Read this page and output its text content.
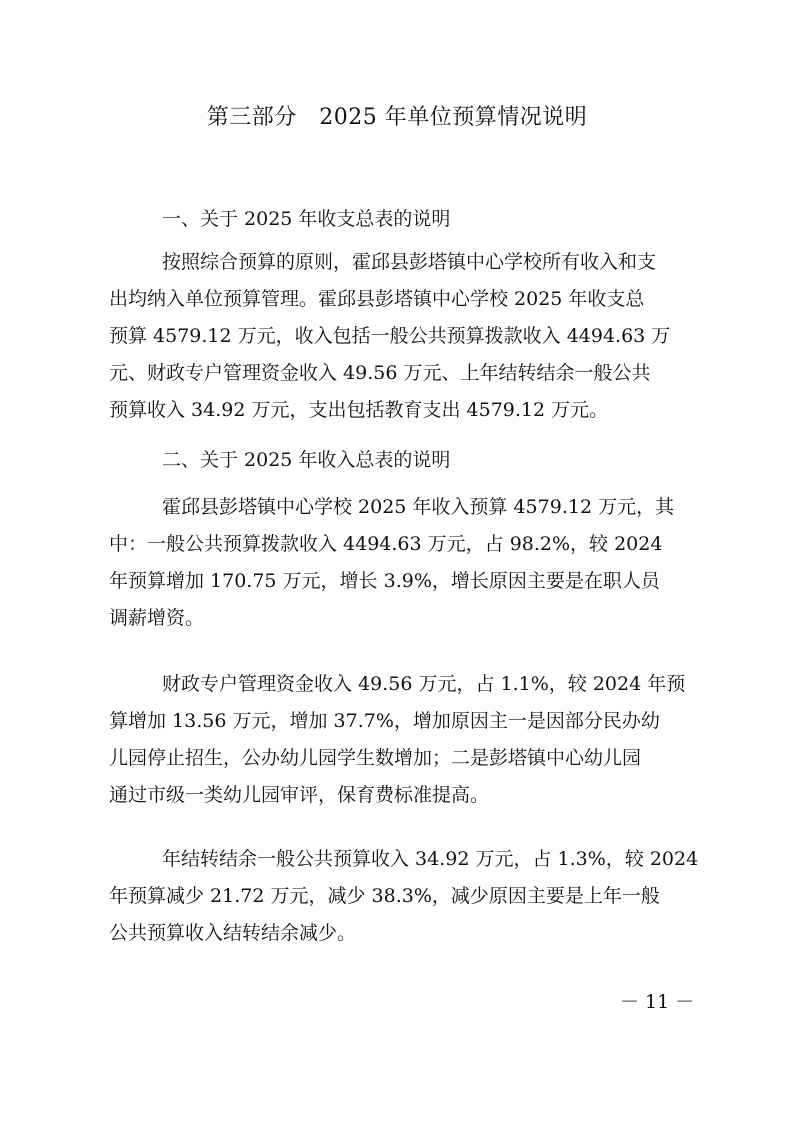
第三部分　2025 年单位预算情况说明
一、关于 2025 年收支总表的说明

按照综合预算的原则，霍邱县彭塔镇中心学校所有收入和支
出均纳入单位预算管理。霍邱县彭塔镇中心学校 2025 年收支总
预算 4579.12 万元，收入包括一般公共预算拨款收入 4494.63 万
元、财政专户管理资金收入 49.56 万元、上年结转结余一般公共
预算收入 34.92 万元，支出包括教育支出 4579.12 万元。

二、关于 2025 年收入总表的说明

霍邱县彭塔镇中心学校 2025 年收入预算 4579.12 万元，其
中：一般公共预算拨款收入 4494.63 万元，占 98.2%，较 2024
年预算增加 170.75 万元，增长 3.9%，增长原因主要是在职人员
调薪增资。

财政专户管理资金收入 49.56 万元，占 1.1%，较 2024 年预
算增加 13.56 万元，增加 37.7%，增加原因主一是因部分民办幼
儿园停止招生，公办幼儿园学生数增加；二是彭塔镇中心幼儿园
通过市级一类幼儿园审评，保育费标准提高。

年结转结余一般公共预算收入 34.92 万元，占 1.3%，较 2024
年预算减少 21.72 万元，减少 38.3%，减少原因主要是上年一般
公共预算收入结转结余减少。

－ 11 －
